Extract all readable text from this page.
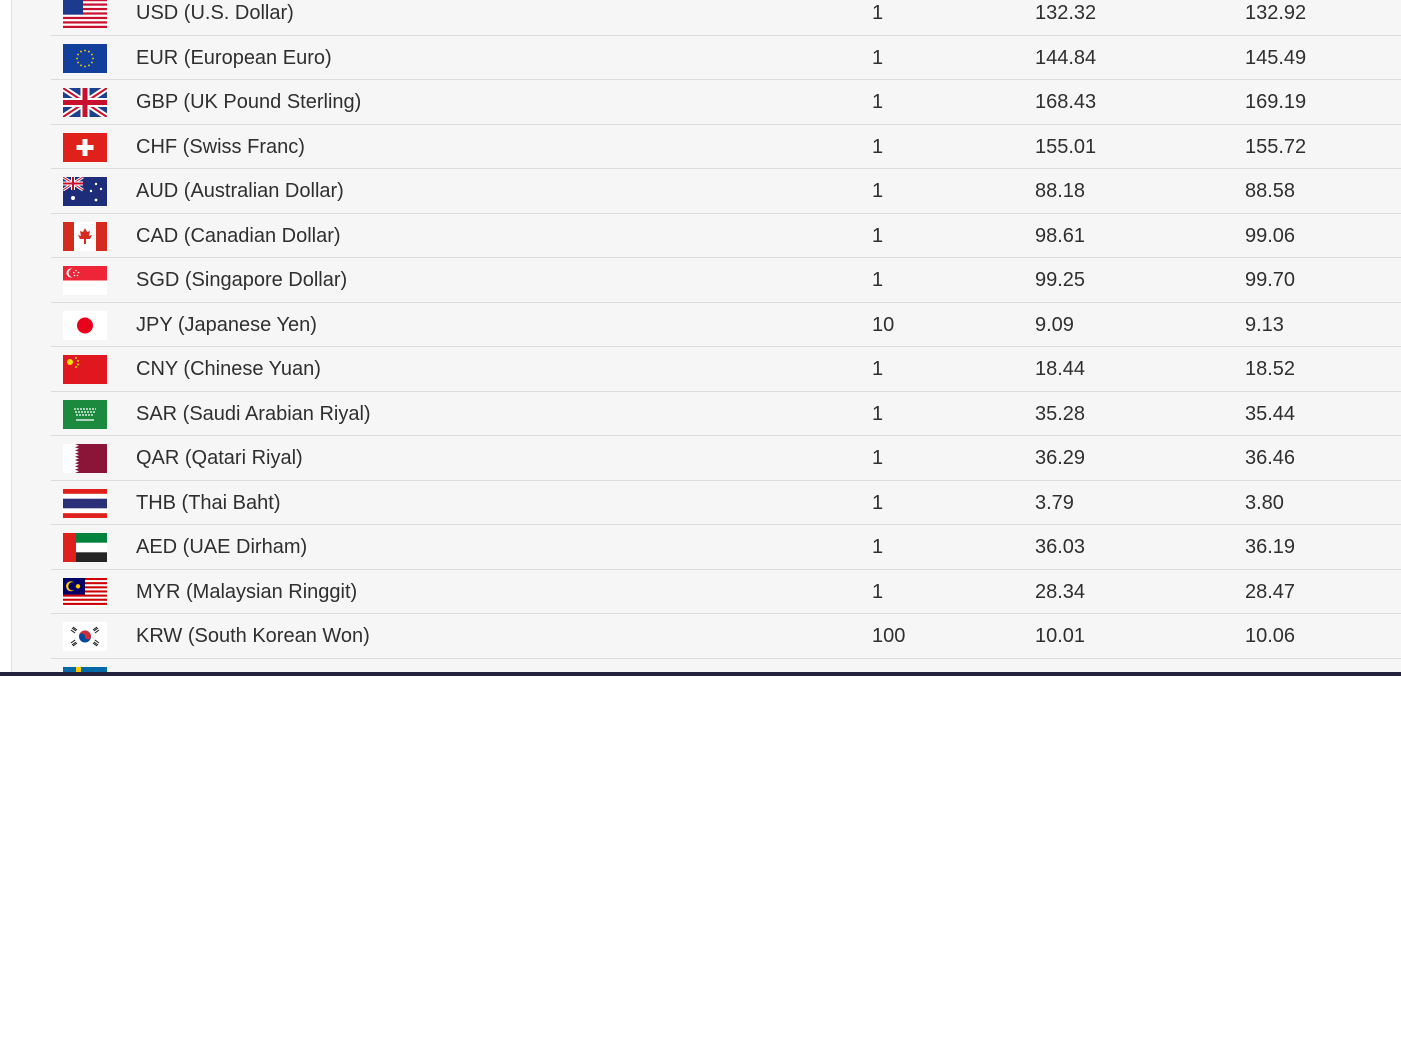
USD (U.S. Dollar)	1	132.32	132.92
EUR (European Euro)	1	144.84	145.49
GBP (UK Pound Sterling)	1	168.43	169.19
CHF (Swiss Franc)	1	155.01	155.72
AUD (Australian Dollar)	1	88.18	88.58
CAD (Canadian Dollar)	1	98.61	99.06
SGD (Singapore Dollar)	1	99.25	99.70
JPY (Japanese Yen)	10	9.09	9.13
CNY (Chinese Yuan)	1	18.44	18.52
SAR (Saudi Arabian Riyal)	1	35.28	35.44
QAR (Qatari Riyal)	1	36.29	36.46
THB (Thai Baht)	1	3.79	3.80
AED (UAE Dirham)	1	36.03	36.19
MYR (Malaysian Ringgit)	1	28.34	28.47
KRW (South Korean Won)	100	10.01	10.06
